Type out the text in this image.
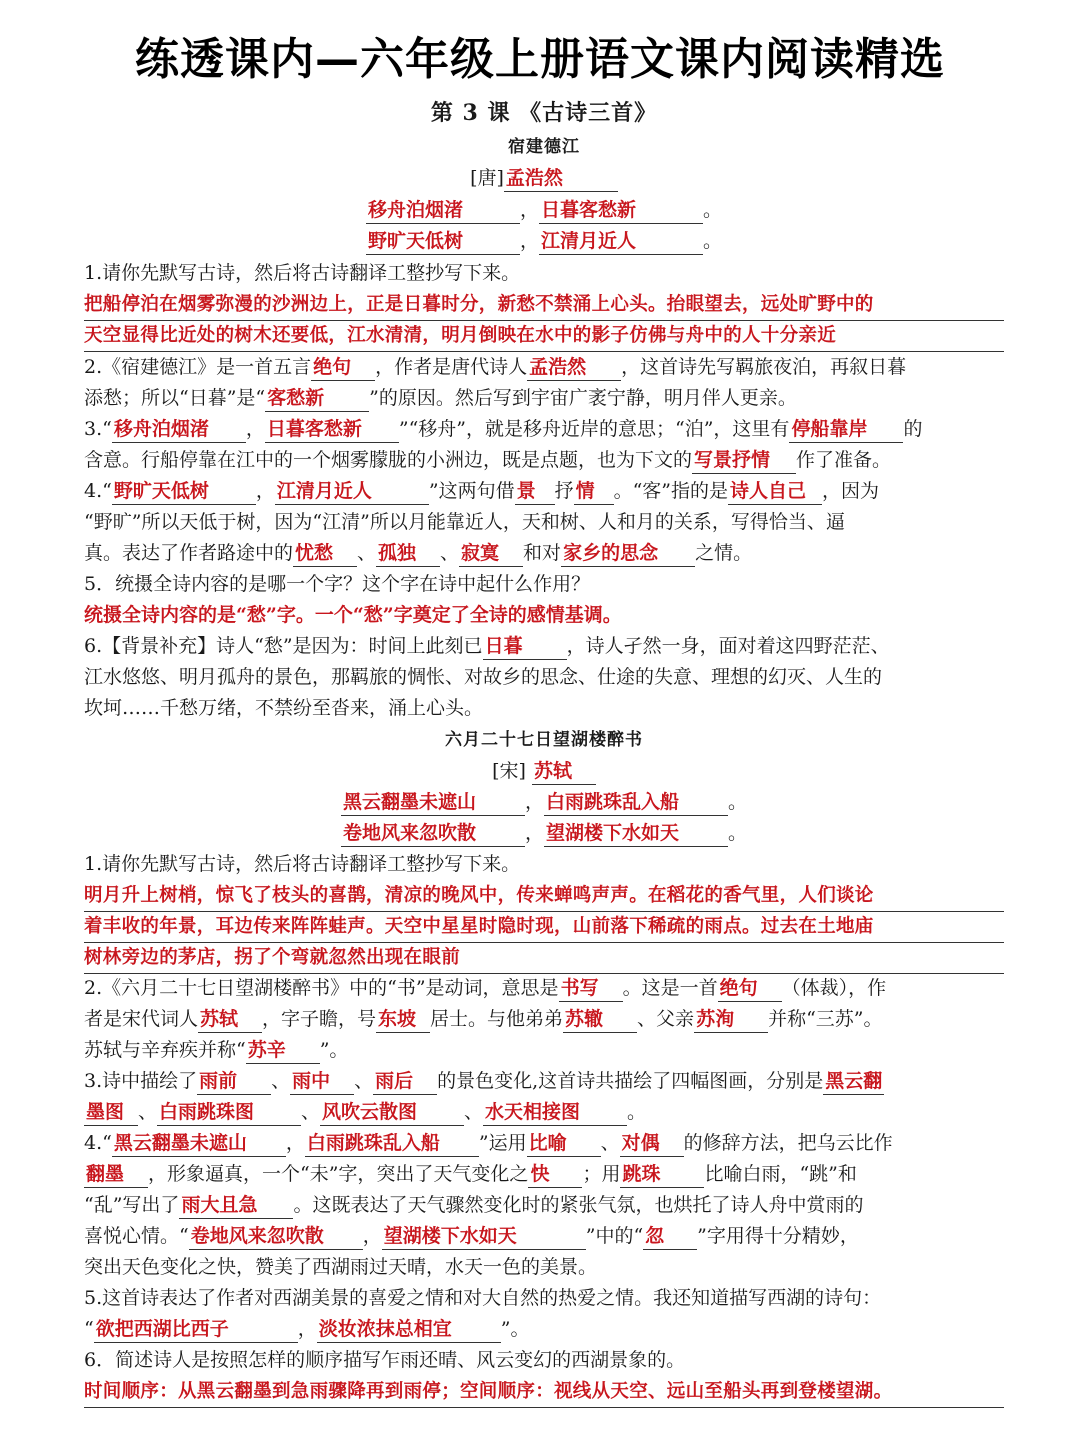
练透课内—六年级上册语文课内阅读精选
第 3 课 《古诗三首》
宿建德江
[唐] 孟浩然
移舟泊烟渚	， 日暮客愁新	。
野旷天低树	， 江清月近人	。
1.请你先默写古诗，然后将古诗翻译工整抄写下来。
把船停泊在烟雾弥漫的沙洲边上，正是日暮时分，新愁不禁涌上心头。抬眼望去，远处旷野中的
天空显得比近处的树木还要低，江水清清，明月倒映在水中的影子仿佛与舟中的人十分亲近
2.《宿建德江》是一首五言 绝句 ，作者是唐代诗人 孟浩然 ，这首诗先写羁旅夜泊，再叙日暮
添愁；所以“日暮”是“ 客愁新 ”的原因。然后写到宇宙广袤宁静，明月伴人更亲。
3.“ 移舟泊烟渚 ， 日暮客愁新 ”“移舟”，就是移舟近岸的意思；“泊”，这里有 停船靠岸 的
含意。行船停靠在江中的一个烟雾朦胧的小洲边，既是点题，也为下文的 写景抒情 作了准备。
4.“ 野旷天低树 ， 江清月近人	”这两句借 景 抒 情 。“客”指的是 诗人自己 ，因为
“野旷”所以天低于树，因为“江清”所以月能靠近人，天和树、人和月的关系，写得恰当、逼
真。表达了作者路途中的 忧愁 、 孤独 、 寂寞 和对 家乡的思念 之情。
5．统摄全诗内容的是哪一个字？这个字在诗中起什么作用？
统摄全诗内容的是“愁”字。一个“愁”字奠定了全诗的感情基调。
6.【背景补充】诗人“愁”是因为：时间上此刻已 日暮 ，诗人孑然一身，面对着这四野茫茫、
江水悠悠、明月孤舟的景色，那羁旅的惆怅、对故乡的思念、仕途的失意、理想的幻灭、人生的
坎坷……千愁万绪，不禁纷至沓来，涌上心头。
六月二十七日望湖楼醉书
[宋] 苏轼
黑云翻墨未遮山	， 白雨跳珠乱入船	。
卷地风来忽吹散	， 望湖楼下水如天	。
1.请你先默写古诗，然后将古诗翻译工整抄写下来。
明月升上树梢，惊飞了枝头的喜鹊，清凉的晚风中，传来蝉鸣声声。在稻花的香气里，人们谈论
着丰收的年景，耳边传来阵阵蛙声。天空中星星时隐时现，山前落下稀疏的雨点。过去在土地庙
树林旁边的茅店，拐了个弯就忽然出现在眼前
2.《六月二十七日望湖楼醉书》中的“书”是动词，意思是 书写 。这是一首 绝句 （体裁），作
者是宋代词人 苏轼 ，字子瞻，号 东坡 居士。与他弟弟 苏辙 、父亲 苏洵 并称“三苏”。
苏轼与辛弃疾并称“ 苏辛 ”。
3.诗中描绘了 雨前 、 雨中 、 雨后 的景色变化,这首诗共描绘了四幅图画，分别是 黑云翻
墨图 、 白雨跳珠图 、 风吹云散图 、 水天相接图 。
4.“ 黑云翻墨未遮山 ， 白雨跳珠乱入船 ”运用 比喻 、 对偶 的修辞方法，把乌云比作
翻墨 ，形象逼真，一个“未”字，突出了天气变化之 快 ；用 跳珠 比喻白雨，“跳”和
“乱”写出了 雨大且急 。这既表达了天气骤然变化时的紧张气氛，也烘托了诗人舟中赏雨的
喜悦心情。“ 卷地风来忽吹散 ， 望湖楼下水如天	”中的“ 忽 ”字用得十分精妙，
突出天色变化之快，赞美了西湖雨过天晴，水天一色的美景。
5.这首诗表达了作者对西湖美景的喜爱之情和对大自然的热爱之情。我还知道描写西湖的诗句：
“ 欲把西湖比西子	， 淡妆浓抹总相宜	”。
6．简述诗人是按照怎样的顺序描写乍雨还晴、风云变幻的西湖景象的。
时间顺序：从黑云翻墨到急雨骤降再到雨停；空间顺序：视线从天空、远山至船头再到登楼望湖。
